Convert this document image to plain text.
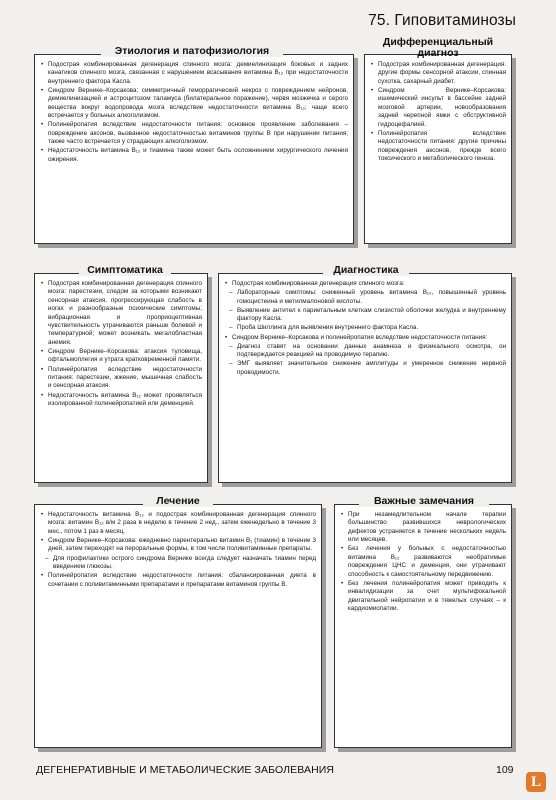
75. Гиповитаминозы
Этиология и патофизиология
• Подострая комбинированная дегенерация спинного мозга: демиелинизация боковых и задних канатиков спинного мозга, связанная с нарушением всасывания витамина B₁₂ при недостаточности внутреннего фактора Касла.
• Синдром Вернике–Корсакова: симметричный геморрагический некроз с повреждением нейронов, демиелинизацией и астроцитозом таламуса (билатеральное поражение), червя мозжечка и серого вещества вокруг водопровода мозга вследствие недостаточности витамина B₁₂; чаще всего встречается у больных алкоголизмом.
• Полинейропатия вследствие недостаточности питания: основное проявление заболевания – повреждение аксонов, вызванное недостаточностью витаминов группы B при нарушении питания; также часто встречается у страдающих алкоголизмом.
• Недостаточность витамина B₁₂ и тиамина также может быть осложнением хирургического лечения ожирения.
Дифференциальный диагноз
• Подострая комбинированная дегенерация: другие формы сенсорной атаксии, спинная сухотка, сахарный диабет.
• Синдром Вернике–Корсакова: ишемический инсульт в бассейне задней мозговой артерии, новообразования задней черепной ямки с обструктивной гидроцефалией.
• Полинейропатия вследствие недостаточности питания: другие причины повреждения аксонов, прежде всего токсического и метаболического генеза.
Симптоматика
• Подострая комбинированная дегенерация спинного мозга: парестезии, следом за которыми возникают сенсорная атаксия, прогрессирующая слабость в ногах и разнообразные психические симптомы; вибрационная и проприоцептивная чувствительность утрачиваются раньше болевой и температурной; может возникать мегалобластная анемия.
• Синдром Вернике–Корсакова: атаксия туловища, офтальмоплегия и утрата кратковременной памяти.
• Полинейропатия вследствие недостаточности питания: парестезии, жжение, мышечная слабость и сенсорная атаксия.
• Недостаточность витамина B₁₂ может проявляться изолированной полинейропатией или деменцией.
Диагностика
• Подострая комбинированная дегенерация спинного мозга:
– Лабораторные симптомы: сниженный уровень витамина B₁₂, повышенный уровень гомоцистеина и метилмалоновой кислоты.
– Выявление антител к париетальным клеткам слизистой оболочки желудка и внутреннему фактору Касла.
– Проба Шиллинга для выявления внутреннего фактора Касла.
• Синдром Вернике–Корсакова и полинейропатия вследствие недостаточности питания:
– Диагноз ставят на основании данных анамнеза и физикального осмотра, он подтверждается реакцией на проводимую терапию.
– ЭМГ выявляет значительное снижение амплитуды и умеренное снижение нервной проводимости.
Лечение
• Недостаточность витамина B₁₂ и подострая комбинированная дегенерация спинного мозга: витамин B₁₂ в/м 2 раза в неделю в течение 2 нед., затем еженедельно в течение 3 мес., потом 1 раз в месяц.
• Синдром Вернике–Корсакова: ежедневно парентерально витамин B₁ (тиамин) в течение 3 дней, затем переходят на пероральные формы, в том числе поливитаминные препараты.
– Для профилактики острого синдрома Вернике всегда следует назначать тиамин перед введением глюкозы.
• Полинейропатия вследствие недостаточности питания: сбалансированная диета в сочетании с поливитаминными препаратами и препаратами витаминов группы B.
Важные замечания
• При незамедлительном начале терапии большинство развившихся неврологических дефектов устраняется в течение нескольких недель или месяцев.
• Без лечения у больных с недостаточностью витамина B₁₂ развиваются необратимые повреждения ЦНС и деменция, они утрачивают способность к самостоятельному передвижению.
• Без лечения полинейропатия может приводить к инвалидизации за счет мультифокальной двигательной нейропатии и в тяжелых случаях – к кардиомиопатии.
ДЕГЕНЕРАТИВНЫЕ И МЕТАБОЛИЧЕСКИЕ ЗАБОЛЕВАНИЯ	109
L
